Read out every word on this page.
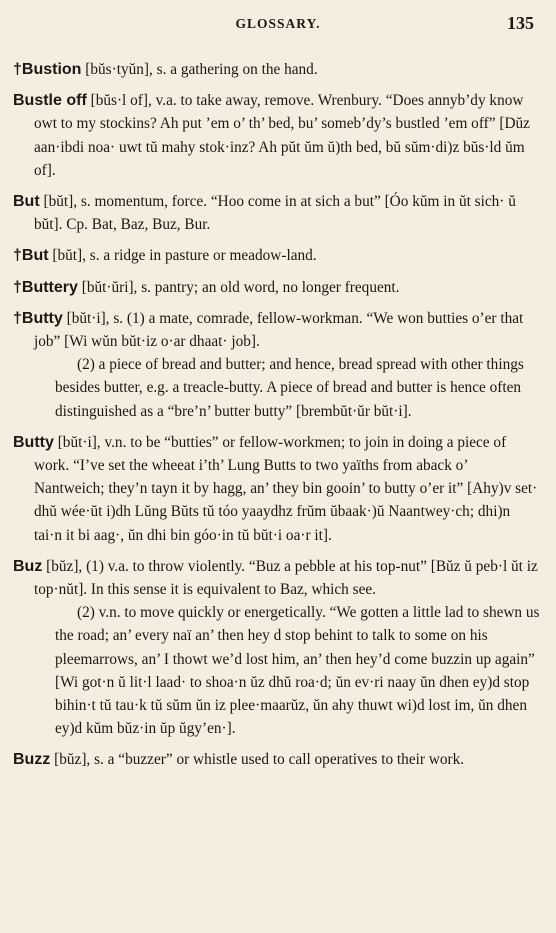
GLOSSARY.	135
†Bustion [bŭs·tyŭn], s. a gathering on the hand.
Bustle off [bŭs·l of], v.a. to take away, remove. Wrenbury. “Does annyb’dy know owt to my stockins? Ah put ’em o’ th’ bed, bu’ someb’dy’s bustled ’em off” [Dŭz aan·ibdi noa· uwt tŭ mahy stok·inz? Ah pŭt ŭm ŭ)th bed, bŭ sŭm·di)z bŭs·ld ŭm of].
But [bŭt], s. momentum, force. “Hoo come in at sich a but” [Óo kŭm in ŭt sich· ŭ bŭt]. Cp. Bat, Baz, Buz, Bur.
†But [bŭt], s. a ridge in pasture or meadow-land.
†Buttery [bŭt·ŭri], s. pantry; an old word, no longer frequent.
†Butty [bŭt·i], s. (1) a mate, comrade, fellow-workman. “We won butties o’er that job” [Wi wŭn bŭt·iz o·ar dhaat· job].
(2) a piece of bread and butter; and hence, bread spread with other things besides butter, e.g. a treacle-butty. A piece of bread and butter is hence often distinguished as a “bre’n’ butter butty” [brembŭt·ŭr bŭt·i].
Butty [bŭt·i], v.n. to be “butties” or fellow-workmen; to join in doing a piece of work. “I’ve set the wheeat i’th’ Lung Butts to two yaïths from aback o’ Nantweich; they’n tayn it by hagg, an’ they bin gooin’ to butty o’er it” [Ahy)v set· dhŭ wée·ŭt i)dh Lŭng Bŭts tŭ tóo yaaydhz frŭm ŭbaak·)ŭ Naantwey·ch; dhi)n tai·n it bi aag·, ŭn dhi bin góo·in tŭ bŭt·i oa·r it].
Buz [bŭz], (1) v.a. to throw violently. “Buz a pebble at his top-nut” [Bŭz ŭ peb·l ŭt iz top·nŭt]. In this sense it is equivalent to Baz, which see.
(2) v.n. to move quickly or energetically. “We gotten a little lad to shewn us the road; an’ every naï an’ then hey d stop behint to talk to some on his pleemarrows, an’ I thowt we’d lost him, an’ then hey’d come buzzin up again” [Wi got·n ŭ lit·l laad· to shoa·n ŭz dhŭ roa·d; ŭn ev·ri naay ŭn dhen ey)d stop bihin·t tŭ tau·k tŭ sŭm ŭn iz plee·maarŭz, ŭn ahy thuwt wi)d lost im, ŭn dhen ey)d kŭm bŭz·in ŭp ŭgy’en·].
Buzz [bŭz], s. a “buzzer” or whistle used to call operatives to their work.
